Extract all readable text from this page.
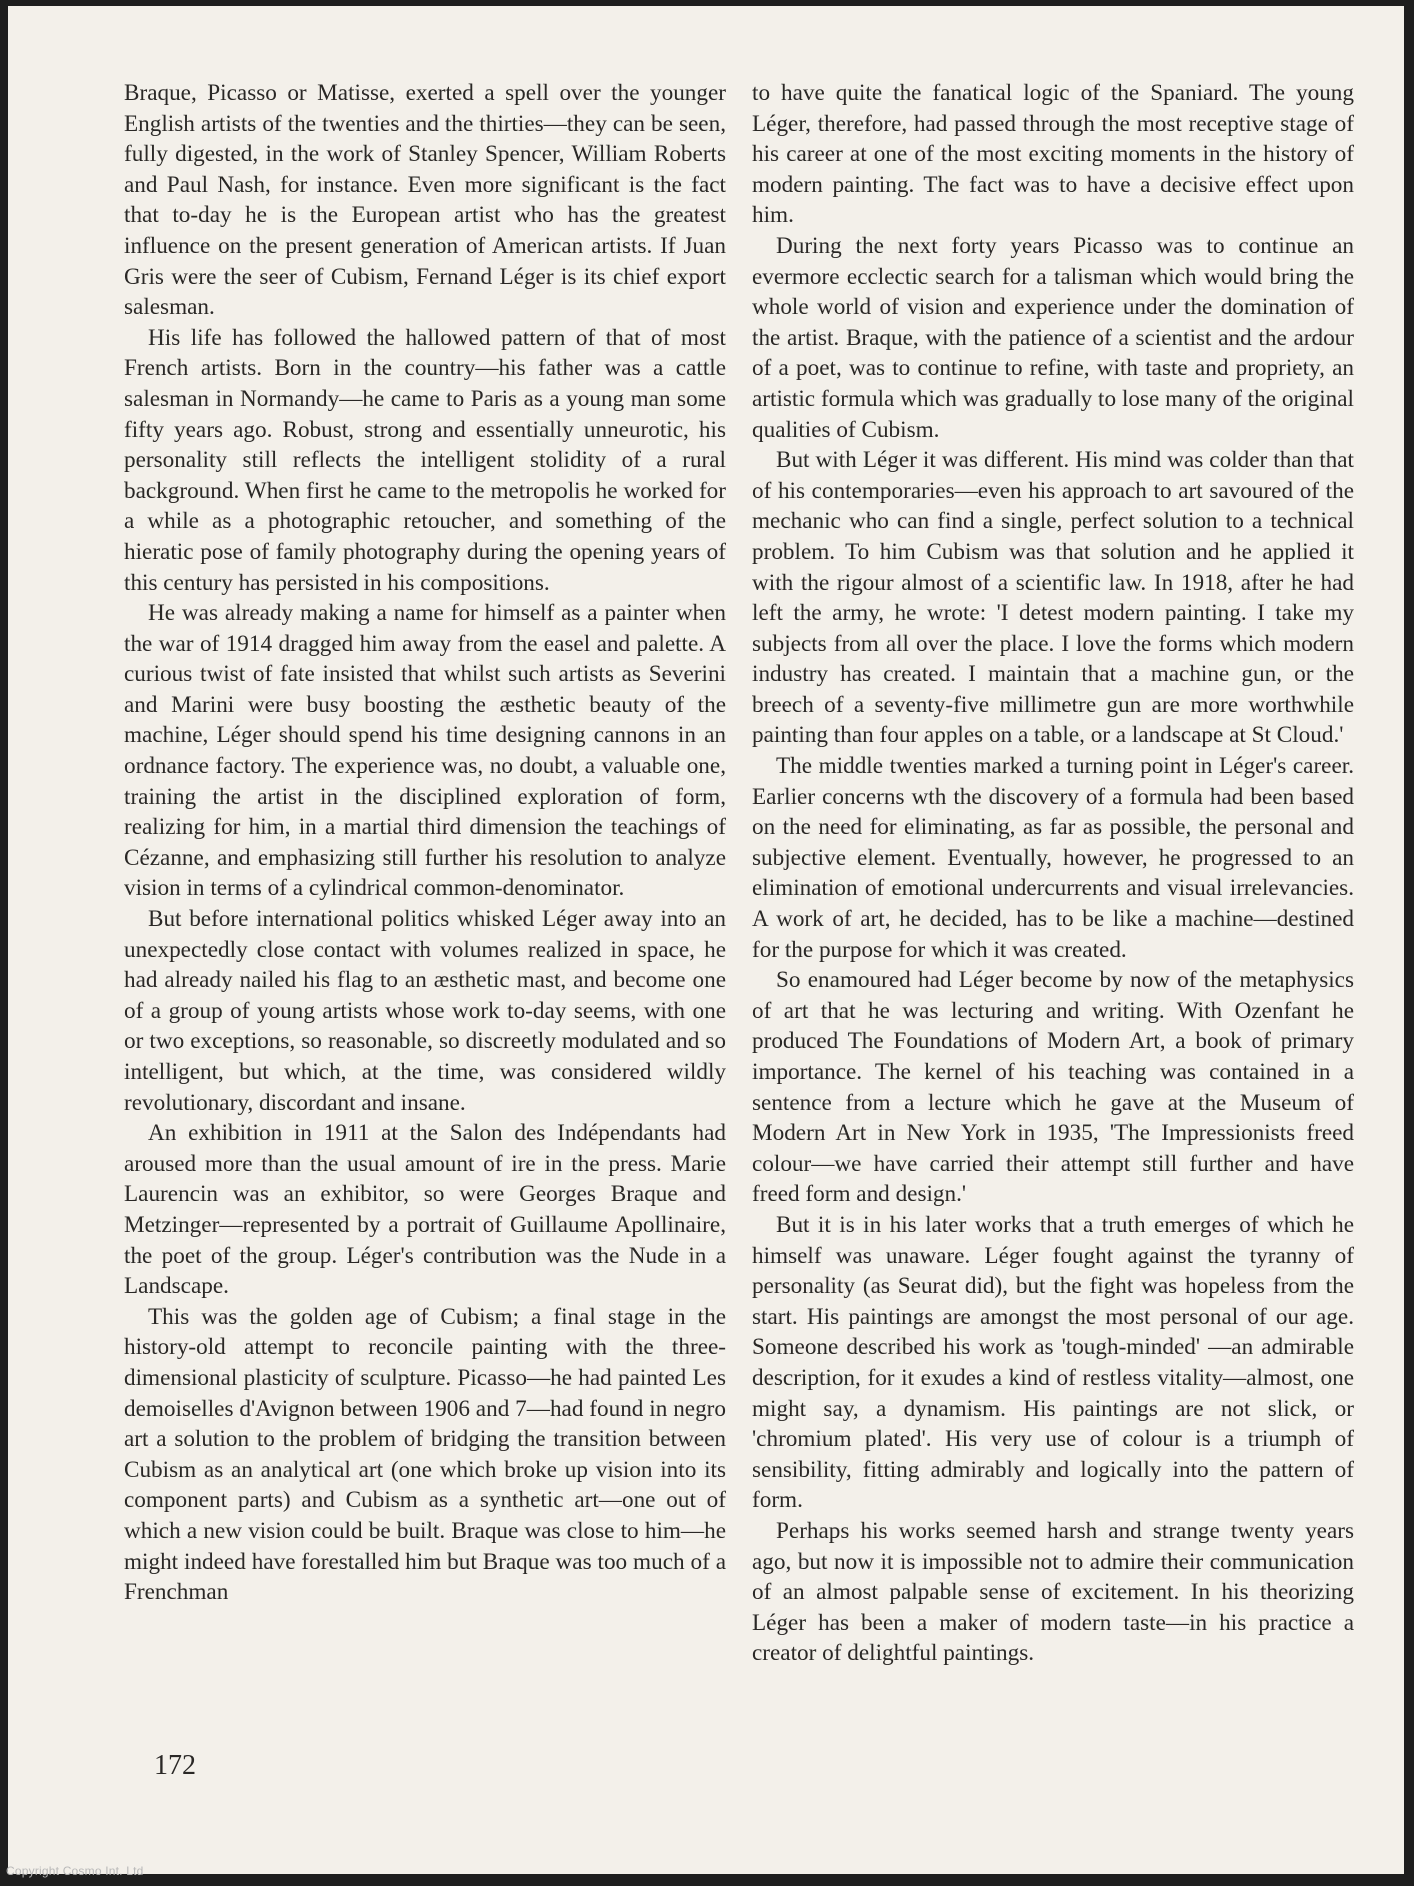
Braque, Picasso or Matisse, exerted a spell over the younger English artists of the twenties and the thirties—they can be seen, fully digested, in the work of Stanley Spencer, William Roberts and Paul Nash, for instance. Even more significant is the fact that to-day he is the European artist who has the greatest influence on the present generation of American artists. If Juan Gris were the seer of Cubism, Fernand Léger is its chief export salesman.

His life has followed the hallowed pattern of that of most French artists. Born in the country—his father was a cattle salesman in Normandy—he came to Paris as a young man some fifty years ago. Robust, strong and essentially unneurotic, his personality still reflects the intelligent stolidity of a rural background. When first he came to the metropolis he worked for a while as a photographic retoucher, and something of the hieratic pose of family photography during the opening years of this century has persisted in his compositions.

He was already making a name for himself as a painter when the war of 1914 dragged him away from the easel and palette. A curious twist of fate insisted that whilst such artists as Severini and Marini were busy boosting the æsthetic beauty of the machine, Léger should spend his time designing cannons in an ordnance factory. The experience was, no doubt, a valuable one, training the artist in the disciplined exploration of form, realizing for him, in a martial third dimension the teachings of Cézanne, and emphasizing still further his resolution to analyze vision in terms of a cylindrical common-denominator.

But before international politics whisked Léger away into an unexpectedly close contact with volumes realized in space, he had already nailed his flag to an æsthetic mast, and become one of a group of young artists whose work to-day seems, with one or two exceptions, so reasonable, so discreetly modulated and so intelligent, but which, at the time, was considered wildly revolutionary, discordant and insane.

An exhibition in 1911 at the Salon des Indépendants had aroused more than the usual amount of ire in the press. Marie Laurencin was an exhibitor, so were Georges Braque and Metzinger—represented by a portrait of Guillaume Apollinaire, the poet of the group. Léger's contribution was the Nude in a Landscape.

This was the golden age of Cubism; a final stage in the history-old attempt to reconcile painting with the three-dimensional plasticity of sculpture. Picasso—he had painted Les demoiselles d'Avignon between 1906 and 7—had found in negro art a solution to the problem of bridging the transition between Cubism as an analytical art (one which broke up vision into its component parts) and Cubism as a synthetic art—one out of which a new vision could be built. Braque was close to him—he might indeed have forestalled him but Braque was too much of a Frenchman

to have quite the fanatical logic of the Spaniard. The young Léger, therefore, had passed through the most receptive stage of his career at one of the most exciting moments in the history of modern painting. The fact was to have a decisive effect upon him.

During the next forty years Picasso was to continue an evermore ecclectic search for a talisman which would bring the whole world of vision and experience under the domination of the artist. Braque, with the patience of a scientist and the ardour of a poet, was to continue to refine, with taste and propriety, an artistic formula which was gradually to lose many of the original qualities of Cubism.

But with Léger it was different. His mind was colder than that of his contemporaries—even his approach to art savoured of the mechanic who can find a single, perfect solution to a technical problem. To him Cubism was that solution and he applied it with the rigour almost of a scientific law. In 1918, after he had left the army, he wrote: 'I detest modern painting. I take my subjects from all over the place. I love the forms which modern industry has created. I maintain that a machine gun, or the breech of a seventy-five millimetre gun are more worthwhile painting than four apples on a table, or a landscape at St Cloud.'

The middle twenties marked a turning point in Léger's career. Earlier concerns wth the discovery of a formula had been based on the need for eliminating, as far as possible, the personal and subjective element. Eventually, however, he progressed to an elimination of emotional undercurrents and visual irrelevancies. A work of art, he decided, has to be like a machine—destined for the purpose for which it was created.

So enamoured had Léger become by now of the metaphysics of art that he was lecturing and writing. With Ozenfant he produced The Foundations of Modern Art, a book of primary importance. The kernel of his teaching was contained in a sentence from a lecture which he gave at the Museum of Modern Art in New York in 1935, 'The Impressionists freed colour—we have carried their attempt still further and have freed form and design.'

But it is in his later works that a truth emerges of which he himself was unaware. Léger fought against the tyranny of personality (as Seurat did), but the fight was hopeless from the start. His paintings are amongst the most personal of our age. Someone described his work as 'tough-minded' —an admirable description, for it exudes a kind of restless vitality—almost, one might say, a dynamism. His paintings are not slick, or 'chromium plated'. His very use of colour is a triumph of sensibility, fitting admirably and logically into the pattern of form.

Perhaps his works seemed harsh and strange twenty years ago, but now it is impossible not to admire their communication of an almost palpable sense of excitement. In his theorizing Léger has been a maker of modern taste—in his practice a creator of delightful paintings.

172
Copyright Cosmo Int. Ltd
